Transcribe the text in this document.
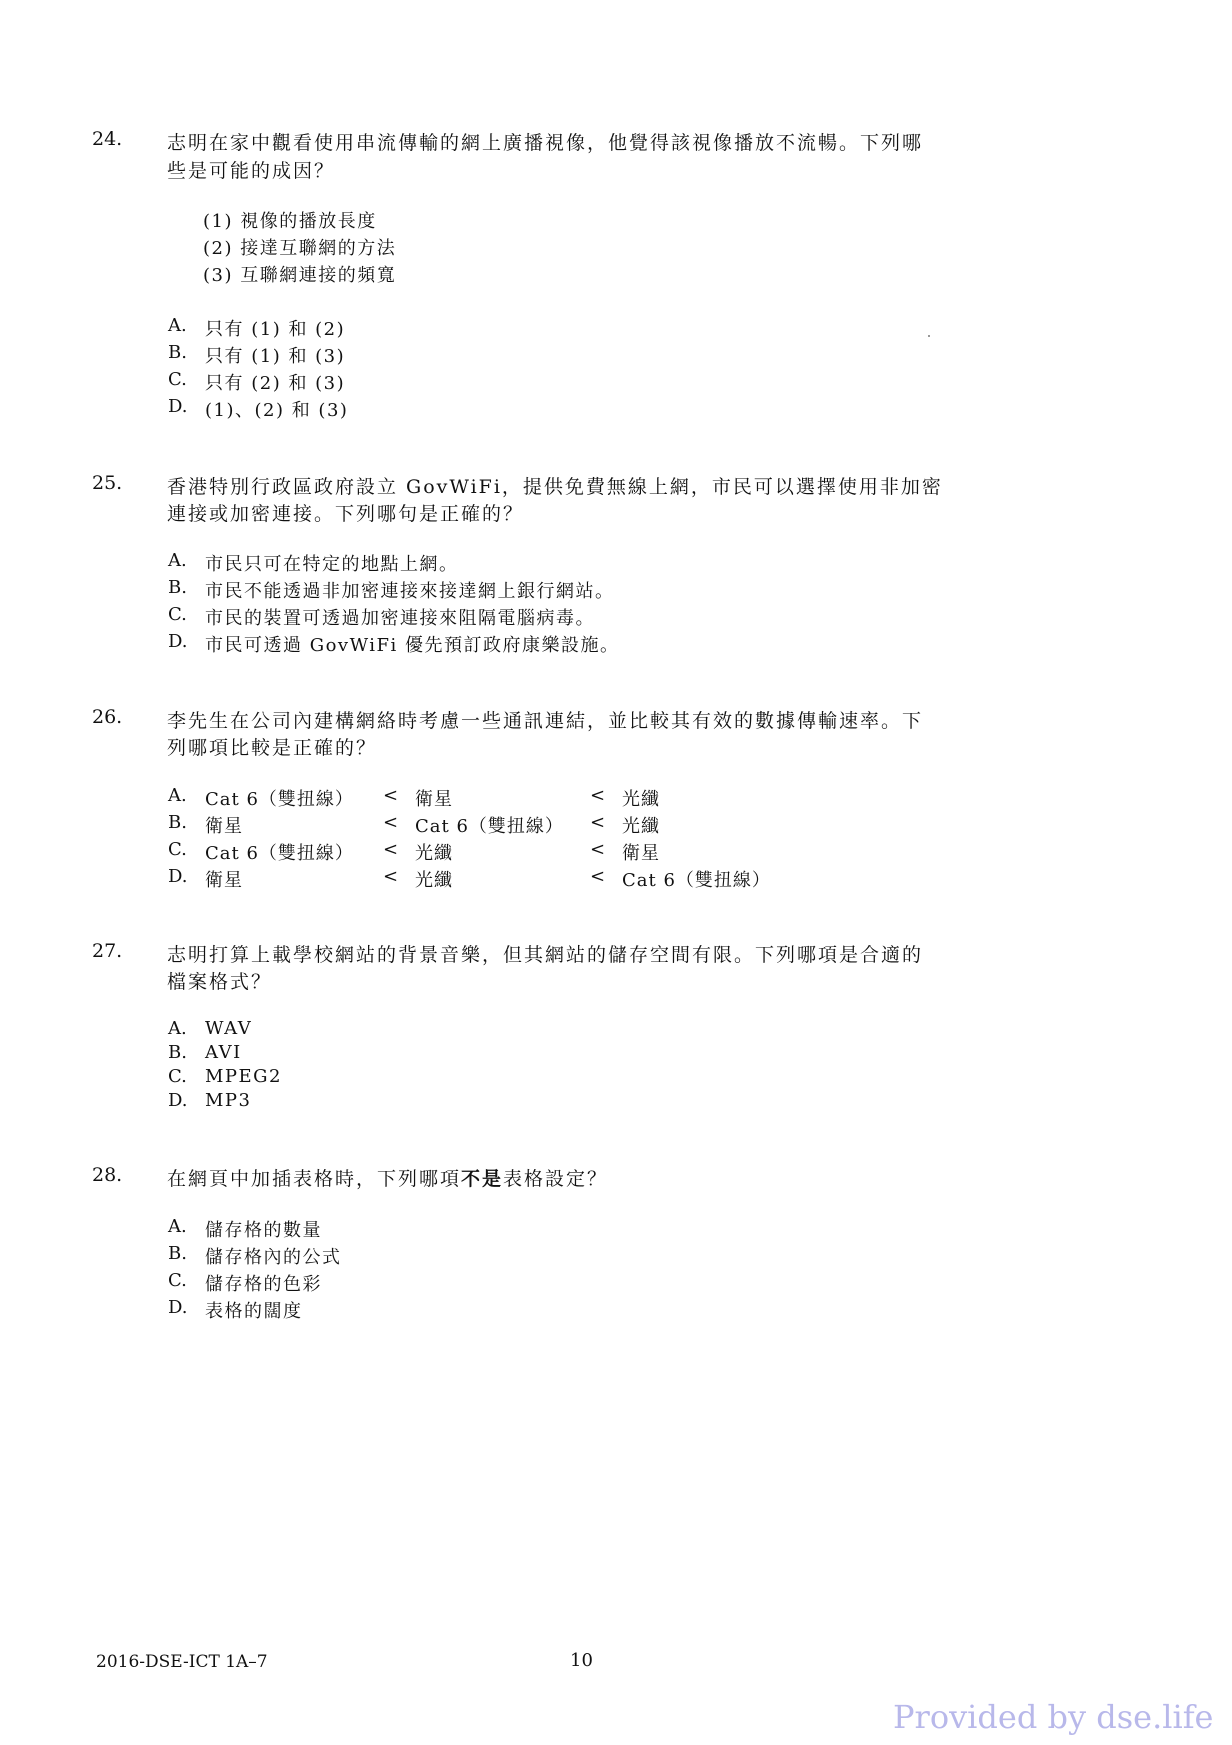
24. 志明在家中觀看使用串流傳輸的網上廣播視像，他覺得該視像播放不流暢。下列哪
些是可能的成因？
(1) 視像的播放長度
(2) 接達互聯網的方法
(3) 互聯網連接的頻寬
A. 只有 (1) 和 (2)
B. 只有 (1) 和 (3)
C. 只有 (2) 和 (3)
D. (1)、(2) 和 (3)
25. 香港特別行政區政府設立 GovWiFi，提供免費無線上網，市民可以選擇使用非加密
連接或加密連接。下列哪句是正確的？
A. 市民只可在特定的地點上網。
B. 市民不能透過非加密連接來接達網上銀行網站。
C. 市民的裝置可透過加密連接來阻隔電腦病毒。
D. 市民可透過 GovWiFi 優先預訂政府康樂設施。
26. 李先生在公司內建構網絡時考慮一些通訊連結，並比較其有效的數據傳輸速率。下
列哪項比較是正確的？
A. Cat 6（雙扭線） < 衛星	< 光纖
B. 衛星	< Cat 6（雙扭線） < 光纖
C. Cat 6（雙扭線） < 光纖	< 衛星
D. 衛星	< 光纖	< Cat 6（雙扭線）
27. 志明打算上載學校網站的背景音樂，但其網站的儲存空間有限。下列哪項是合適的
檔案格式？
A. WAV
B. AVI
C. MPEG2
D. MP3
28. 在網頁中加插表格時，下列哪項不是表格設定？
A. 儲存格的數量
B. 儲存格內的公式
C. 儲存格的色彩
D. 表格的闊度
2016-DSE-ICT 1A–7	10
Provided by dse.life
